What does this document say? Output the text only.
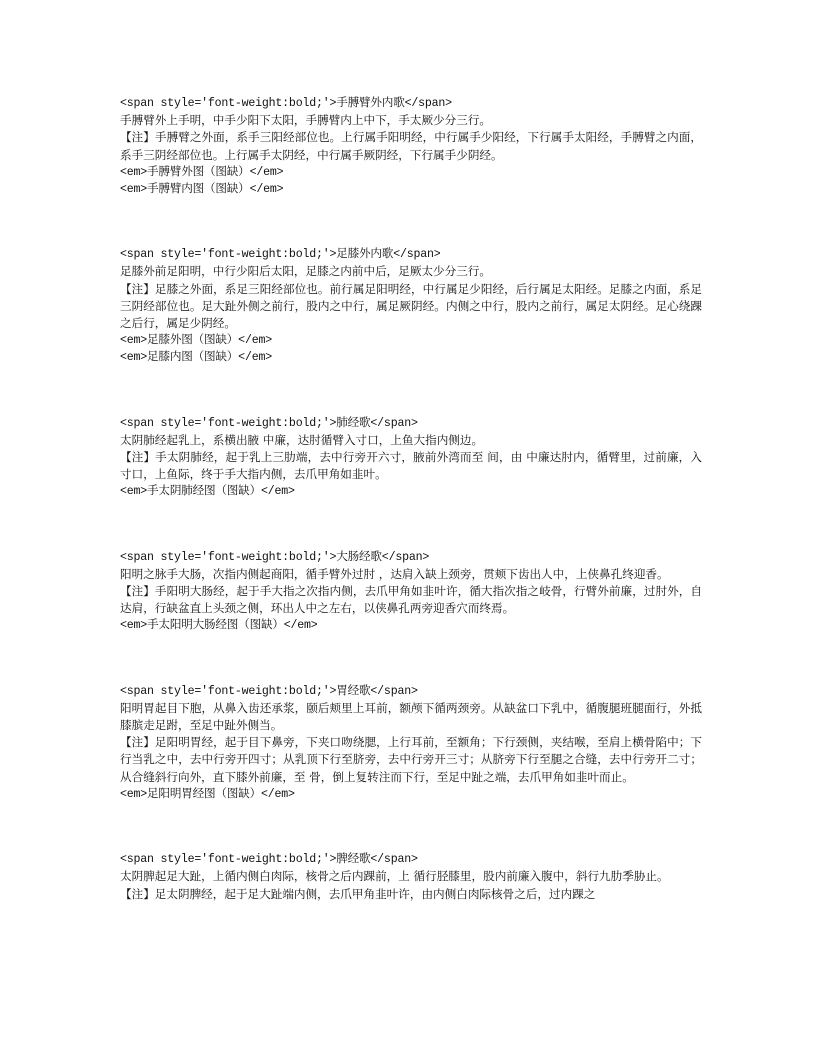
<span style='font-weight:bold;'>手膊臂外内歌</span>

手膊臂外上手明，中手少阳下太阳，手膊臂内上中下，手太厥少分三行。

【注】手膊臂之外面，系手三阳经部位也。上行属手阳明经，中行属手少阳经，下行属手太阳经，手膊臂之内面，系手三阴经部位也。上行属手太阴经，中行属手厥阴经，下行属手少阴经。

<em>手膊臂外图（图缺）</em>

<em>手膊臂内图（图缺）</em>

<span style='font-weight:bold;'>足膝外内歌</span>

足膝外前足阳明，中行少阳后太阳，足膝之内前中后，足厥太少分三行。

【注】足膝之外面，系足三阳经部位也。前行属足阳明经，中行属足少阳经，后行属足太阳经。足膝之内面，系足三阴经部位也。足大趾外侧之前行，股内之中行，属足厥阴经。内侧之中行，股内之前行，属足太阴经。足心绕踝之后行，属足少阴经。

<em>足膝外图（图缺）</em>

<em>足膝内图（图缺）</em>

<span style='font-weight:bold;'>肺经歌</span>

太阴肺经起乳上，系横出腋 中廉，达肘循臂入寸口，上鱼大指内侧边。

【注】手太阴肺经，起于乳上三肋端，去中行旁开六寸，腋前外湾而至 间，由 中廉达肘内，循臂里，过前廉，入寸口，上鱼际，终于手大指内侧，去爪甲角如韭叶。

<em>手太阴肺经图（图缺）</em>

<span style='font-weight:bold;'>大肠经歌</span>

阳明之脉手大肠，次指内侧起商阳，循手臂外过肘 ，达肩入缺上颈旁，贯颊下齿出人中，上侠鼻孔终迎香。

【注】手阳明大肠经，起于手大指之次指内侧，去爪甲角如韭叶许，循大指次指之岐骨，行臂外前廉，过肘外，自达肩，行缺盆直上头颈之侧，环出人中之左右，以侠鼻孔两旁迎香穴而终焉。

<em>手太阳明大肠经图（图缺）</em>

<span style='font-weight:bold;'>胃经歌</span>

阳明胃起目下胞，从鼻入齿还承浆，颐后颊里上耳前，额颅下循两颈旁。从缺盆口下乳中，循腹腿班腿面行，外抵膝膑走足跗，至足中趾外侧当。

【注】足阳明胃经，起于目下鼻旁，下夹口吻绕腮，上行耳前，至额角；下行颈侧，夹结喉，至肩上横骨陷中；下行当乳之中，去中行旁开四寸；从乳顶下行至脐旁，去中行旁开三寸；从脐旁下行至腿之合缝，去中行旁开二寸；从合缝斜行向外，直下膝外前廉，至 骨，倒上复转注而下行，至足中趾之端，去爪甲角如韭叶而止。

<em>足阳明胃经图（图缺）</em>

<span style='font-weight:bold;'>脾经歌</span>

太阴脾起足大趾，上循内侧白肉际，核骨之后内踝前，上 循行胫膝里，股内前廉入腹中，斜行九肋季胁止。

【注】足太阴脾经，起于足大趾端内侧，去爪甲角韭叶许，由内侧白肉际核骨之后，过内踝之
